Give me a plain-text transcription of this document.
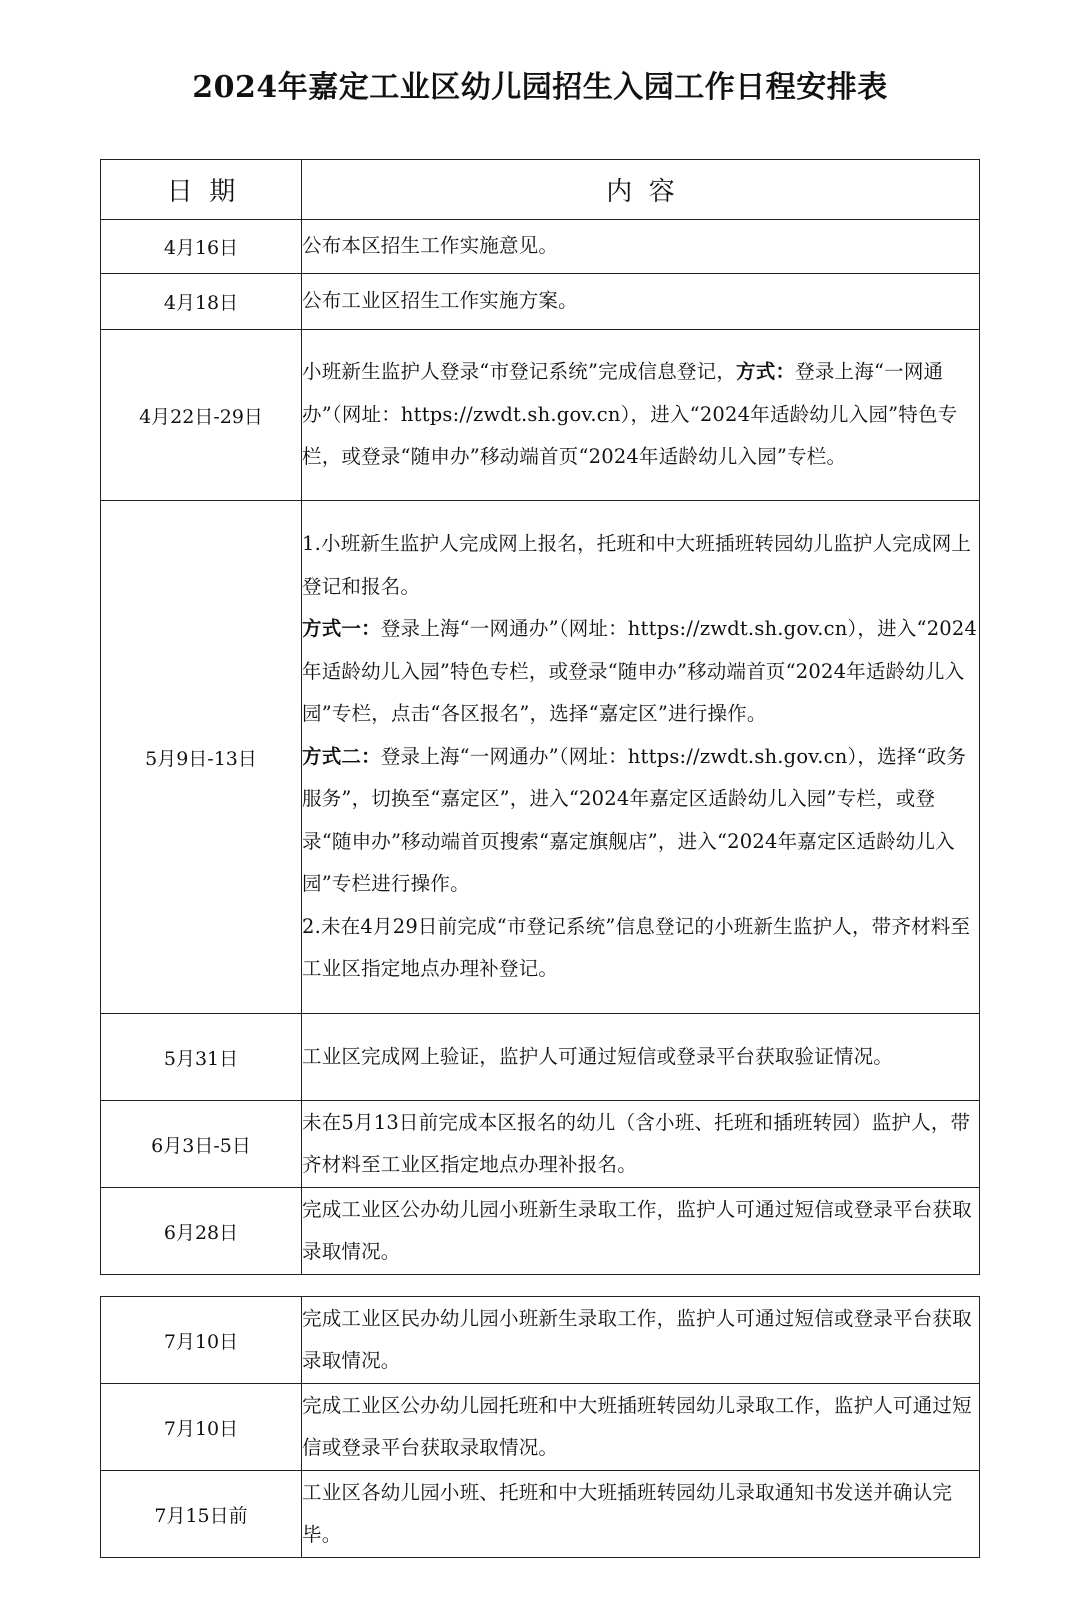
2024年嘉定工业区幼儿园招生入园工作日程安排表
日  期	内  容
4月16日	公布本区招生工作实施意见。
4月18日	公布工业区招生工作实施方案。
4月22日-29日	小班新生监护人登录“市登记系统”完成信息登记，方式：登录上海“一网通办”（网址：https://zwdt.sh.gov.cn），进入“2024年适龄幼儿入园”特色专栏，或登录“随申办”移动端首页“2024年适龄幼儿入园”专栏。
5月9日-13日	1.小班新生监护人完成网上报名，托班和中大班插班转园幼儿监护人完成网上登记和报名。
方式一：登录上海“一网通办”（网址：https://zwdt.sh.gov.cn），进入“2024年适龄幼儿入园”特色专栏，或登录“随申办”移动端首页“2024年适龄幼儿入园”专栏，点击“各区报名”，选择“嘉定区”进行操作。
方式二：登录上海“一网通办”（网址：https://zwdt.sh.gov.cn），选择“政务服务”，切换至“嘉定区”，进入“2024年嘉定区适龄幼儿入园”专栏，或登录“随申办”移动端首页搜索“嘉定旗舰店”，进入“2024年嘉定区适龄幼儿入园”专栏进行操作。
2.未在4月29日前完成“市登记系统”信息登记的小班新生监护人，带齐材料至工业区指定地点办理补登记。

5月31日	工业区完成网上验证，监护人可通过短信或登录平台获取验证情况。
6月3日-5日	未在5月13日前完成本区报名的幼儿（含小班、托班和插班转园）监护人，带齐材料至工业区指定地点办理补报名。
6月28日	完成工业区公办幼儿园小班新生录取工作，监护人可通过短信或登录平台获取录取情况。
7月10日	完成工业区民办幼儿园小班新生录取工作，监护人可通过短信或登录平台获取录取情况。
7月10日	完成工业区公办幼儿园托班和中大班插班转园幼儿录取工作，监护人可通过短信或登录平台获取录取情况。
7月15日前	工业区各幼儿园小班、托班和中大班插班转园幼儿录取通知书发送并确认完毕。
